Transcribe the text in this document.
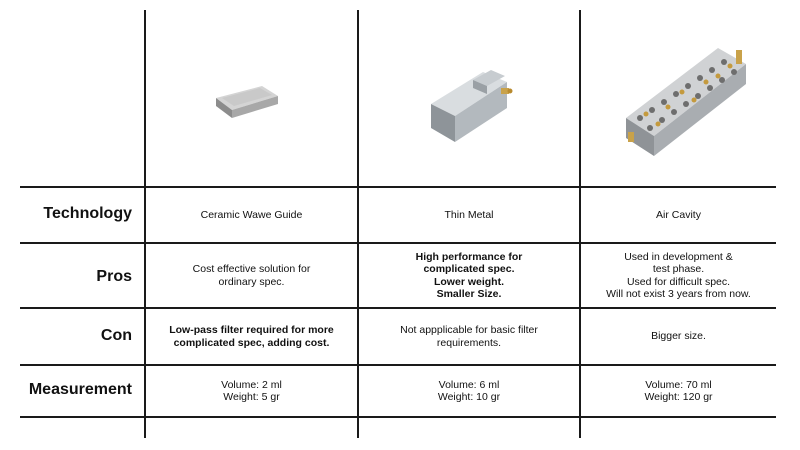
Technology
Pros
Con
Measurement
Ceramic Wawe Guide	Thin Metal	Air Cavity
Cost effective solution for
ordinary spec.
High performance for
complicated spec.
Lower weight.
Smaller Size.
Used in development &
test phase.
Used for difficult spec.
Will not exist 3 years from now.
Low-pass filter required for more
complicated spec, adding cost.
Not appplicable for basic filter
requirements.
Bigger size.
Volume: 2 ml
Weight: 5 gr
Volume: 6 ml
Weight: 10 gr
Volume: 70 ml
Weight: 120 gr
